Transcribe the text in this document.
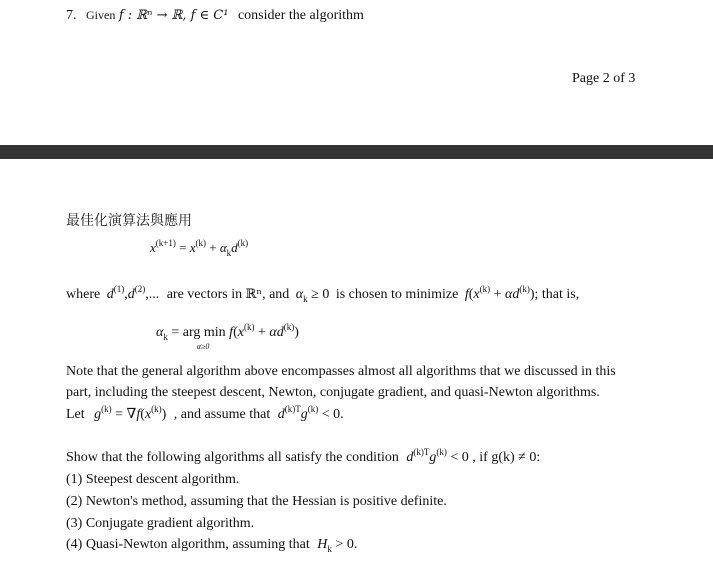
7. Given f : ℝⁿ → ℝ, f ∈ C¹ consider the algorithm
Page 2 of 3
最佳化演算法與應用
$x^{(k+1)} = x^{(k)} + \alpha_kd^{(k)}$
where $d^{(1)},d^{(2)}$,... are vectors in ℝⁿ, and $\alpha_k \ge 0$ is chosen to minimize $f(x^{(k)} + \alpha d^{(k)})$; that is,
$\alpha_k$ = arg min
α≥0
$f(x^{(k)} + \alpha d^{(k)})$
Note that the general algorithm above encompasses almost all algorithms that we discussed in this
part, including the steepest descent, Newton, conjugate gradient, and quasi-Newton algorithms.
Let $g^{(k)} = \nabla f(x^{(k)})$ , and assume that $d^{(k)T}g^{(k)} < 0$.
Show that the following algorithms all satisfy the condition $d^{(k)T}g^{(k)} < 0$ , if g(k) ≠ 0:
(1) Steepest descent algorithm.
(2) Newton's method, assuming that the Hessian is positive definite.
(3) Conjugate gradient algorithm.
(4) Quasi-Newton algorithm, assuming that $H_k > 0$.
